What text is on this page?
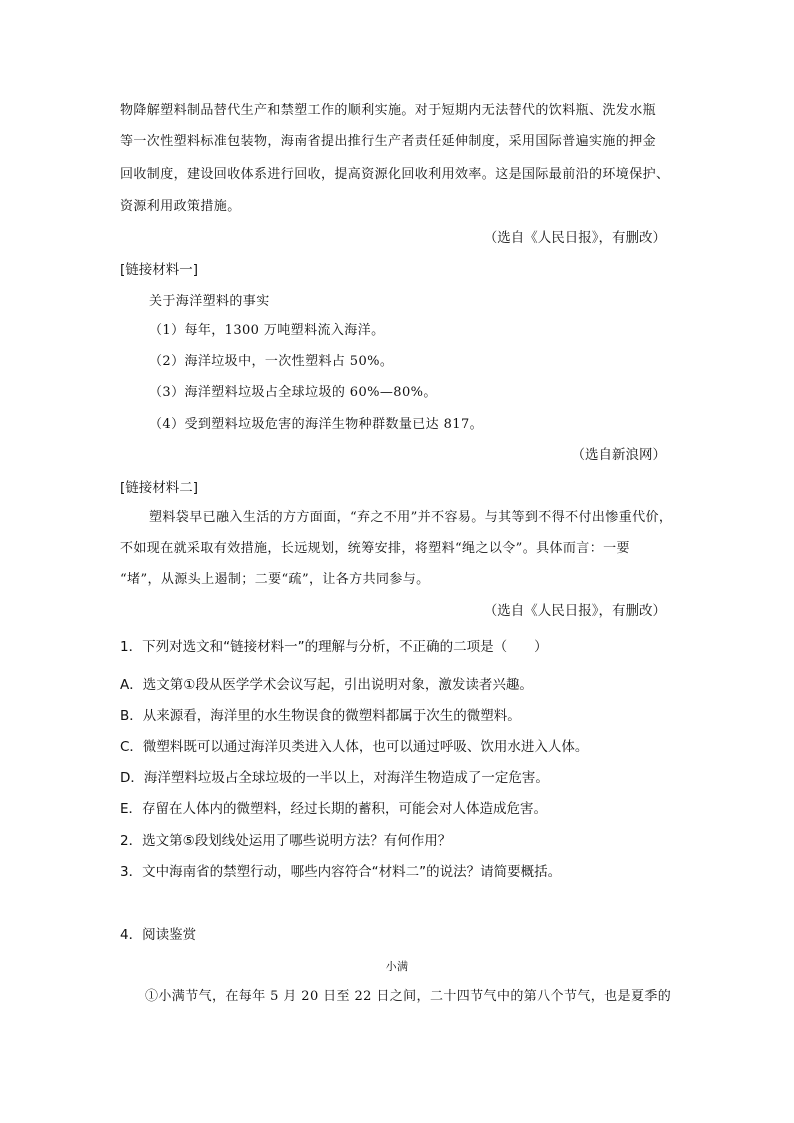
物降解塑料制品替代生产和禁塑工作的顺利实施。对于短期内无法替代的饮料瓶、洗发水瓶
等一次性塑料标准包装物，海南省提出推行生产者责任延伸制度，采用国际普遍实施的押金
回收制度，建设回收体系进行回收，提高资源化回收利用效率。这是国际最前沿的环境保护、
资源利用政策措施。
（选自《人民日报》，有删改）
[链接材料一]
关于海洋塑料的事实
（1）每年，1300 万吨塑料流入海洋。
（2）海洋垃圾中，一次性塑料占 50%。
（3）海洋塑料垃圾占全球垃圾的 60%—80%。
（4）受到塑料垃圾危害的海洋生物种群数量已达 817。
（选自新浪网）
[链接材料二]
塑料袋早已融入生活的方方面面，“弃之不用”并不容易。与其等到不得不付出惨重代价，
不如现在就采取有效措施，长远规划，统筹安排，将塑料“绳之以令”。具体而言：一要
“堵”，从源头上遏制；二要“疏”，让各方共同参与。
（选自《人民日报》，有删改）
1．下列对选文和“链接材料一”的理解与分析，不正确的二项是（　　）
A．选文第①段从医学学术会议写起，引出说明对象，激发读者兴趣。
B．从来源看，海洋里的水生物误食的微塑料都属于次生的微塑料。
C．微塑料既可以通过海洋贝类进入人体，也可以通过呼吸、饮用水进入人体。
D．海洋塑料垃圾占全球垃圾的一半以上，对海洋生物造成了一定危害。
E．存留在人体内的微塑料，经过长期的蓄积，可能会对人体造成危害。
2．选文第⑤段划线处运用了哪些说明方法？有何作用？
3．文中海南省的禁塑行动，哪些内容符合“材料二”的说法？请简要概括。
4．阅读鉴赏
小满
①小满节气，在每年 5 月 20 日至 22 日之间，二十四节气中的第八个节气，也是夏季的
